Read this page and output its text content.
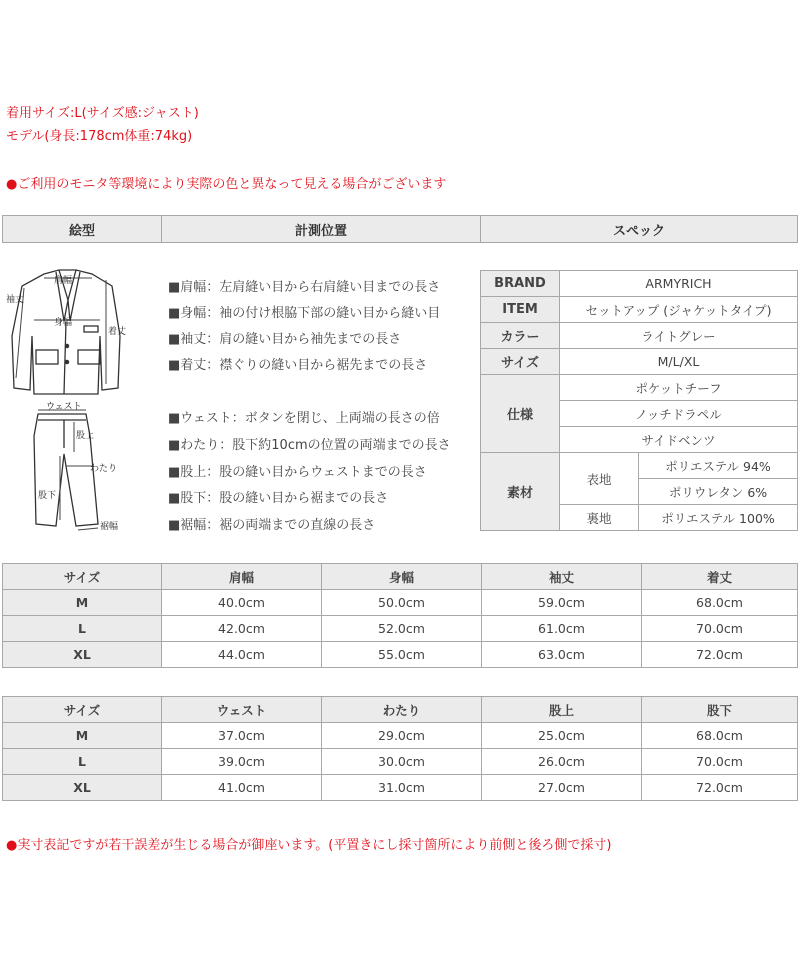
着用サイズ:L(サイズ感:ジャスト)
モデル(身長:178cm体重:74kg)
●ご利用のモニタ等環境により実際の色と異なって見える場合がございます
絵型	計測位置	スペック
肩幅
身幅
袖丈
着丈
ウェスト
股上
わたり
股下
裾幅
■肩幅：左肩縫い目から右肩縫い目までの長さ
■身幅：袖の付け根脇下部の縫い目から縫い目
■袖丈：肩の縫い目から袖先までの長さ
■着丈：襟ぐりの縫い目から裾先までの長さ
■ウェスト：ボタンを閉じ、上両端の長さの倍
■わたり：股下約10cmの位置の両端までの長さ
■股上：股の縫い目からウェストまでの長さ
■股下：股の縫い目から裾までの長さ
■裾幅：裾の両端までの直線の長さ
BRAND	ARMYRICH	
ITEM	セットアップ (ジャケットタイプ)	
カラー	ライトグレー	
サイズ	M/L/XL	
仕様	ポケットチーフ	
	ノッチドラペル	
	サイドベンツ	
素材	表地	ポリエステル 94%
		ポリウレタン 6%
	裏地	ポリエステル 100%
サイズ	肩幅	身幅	袖丈	着丈
M	40.0cm	50.0cm	59.0cm	68.0cm
L	42.0cm	52.0cm	61.0cm	70.0cm
XL	44.0cm	55.0cm	63.0cm	72.0cm
サイズ	ウェスト	わたり	股上	股下
M	37.0cm	29.0cm	25.0cm	68.0cm
L	39.0cm	30.0cm	26.0cm	70.0cm
XL	41.0cm	31.0cm	27.0cm	72.0cm
●実寸表記ですが若干誤差が生じる場合が御座います。(平置きにし採寸箇所により前側と後ろ側で採寸)
